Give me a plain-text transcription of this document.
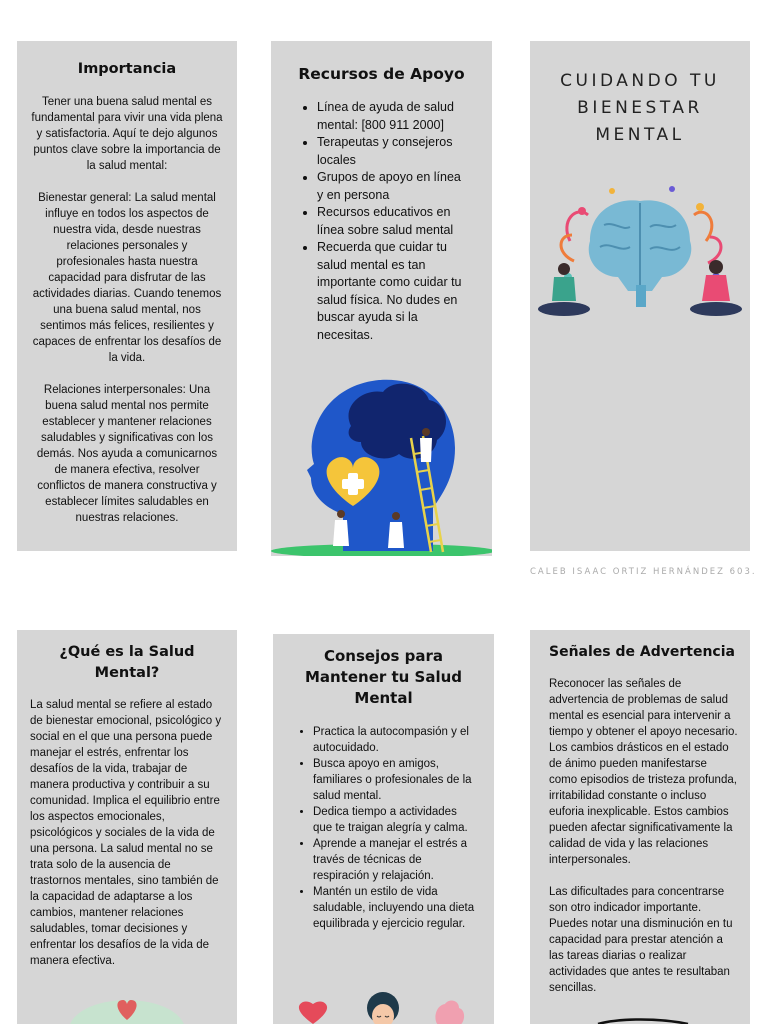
Importancia

Tener una buena salud mental es fundamental para vivir una vida plena y satisfactoria. Aquí te dejo algunos puntos clave sobre la importancia de la salud mental:

Bienestar general: La salud mental influye en todos los aspectos de nuestra vida, desde nuestras relaciones personales y profesionales hasta nuestra capacidad para disfrutar de las actividades diarias. Cuando tenemos una buena salud mental, nos sentimos más felices, resilientes y capaces de enfrentar los desafíos de la vida.

Relaciones interpersonales: Una buena salud mental nos permite establecer y mantener relaciones saludables y significativas con los demás. Nos ayuda a comunicarnos de manera efectiva, resolver conflictos de manera constructiva y establecer límites saludables en nuestras relaciones.

Recursos de Apoyo
• Línea de ayuda de salud mental: [800 911 2000]
• Terapeutas y consejeros locales
• Grupos de apoyo en línea y en persona
• Recursos educativos en línea sobre salud mental
• Recuerda que cuidar tu salud mental es tan importante como cuidar tu salud física. No dudes en buscar ayuda si la necesitas.
CUIDANDO TU
BIENESTAR
MENTAL
CALEB ISAAC ORTIZ HERNÁNDEZ 603.
¿Qué es la Salud Mental?

La salud mental se refiere al estado de bienestar emocional, psicológico y social en el que una persona puede manejar el estrés, enfrentar los desafíos de la vida, trabajar de manera productiva y contribuir a su comunidad. Implica el equilibrio entre los aspectos emocionales, psicológicos y sociales de la vida de una persona. La salud mental no se trata solo de la ausencia de trastornos mentales, sino también de la capacidad de adaptarse a los cambios, mantener relaciones saludables, tomar decisiones y enfrentar los desafíos de la vida de manera efectiva.

Consejos para Mantener tu Salud Mental
• Practica la autocompasión y el autocuidado.
• Busca apoyo en amigos, familiares o profesionales de la salud mental.
• Dedica tiempo a actividades que te traigan alegría y calma.
• Aprende a manejar el estrés a través de técnicas de respiración y relajación.
• Mantén un estilo de vida saludable, incluyendo una dieta equilibrada y ejercicio regular.
Señales de Advertencia

Reconocer las señales de advertencia de problemas de salud mental es esencial para intervenir a tiempo y obtener el apoyo necesario. Los cambios drásticos en el estado de ánimo pueden manifestarse como episodios de tristeza profunda, irritabilidad constante o incluso euforia inexplicable. Estos cambios pueden afectar significativamente la calidad de vida y las relaciones interpersonales.

Las dificultades para concentrarse son otro indicador importante. Puedes notar una disminución en tu capacidad para prestar atención a las tareas diarias o realizar actividades que antes te resultaban sencillas.
